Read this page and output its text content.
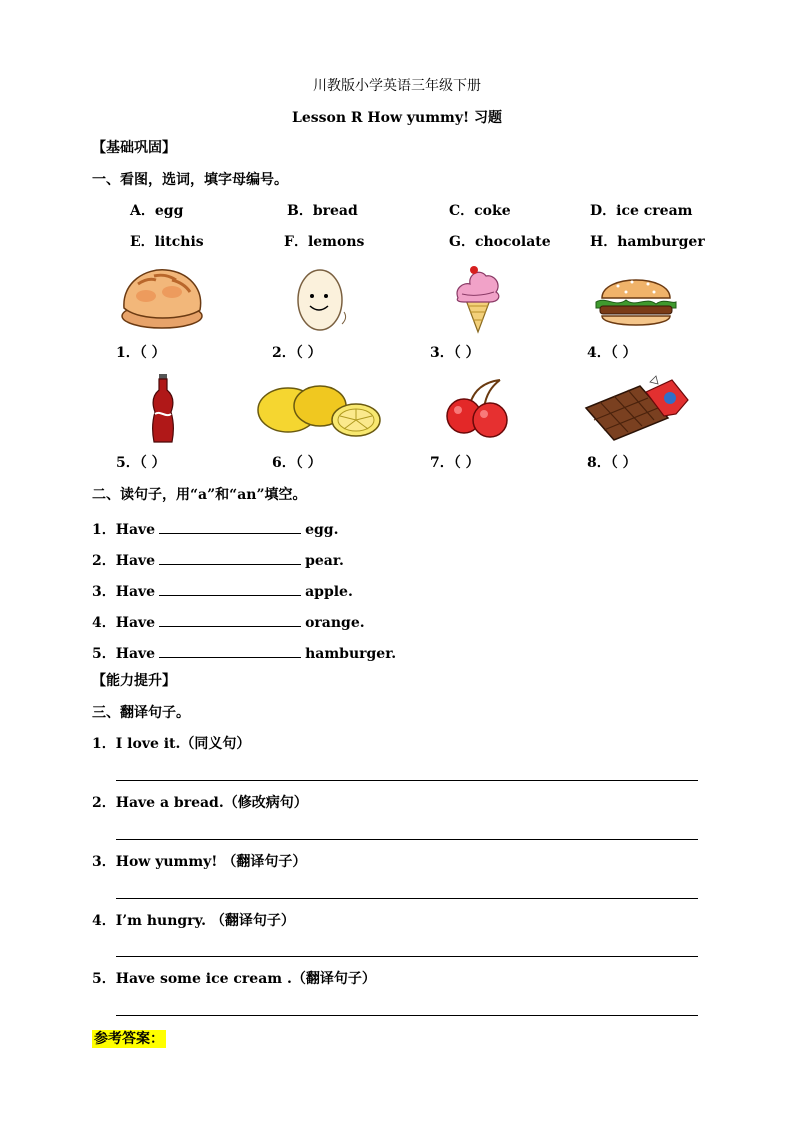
川教版小学英语三年级下册
Lesson R How yummy! 习题
【基础巩固】
一、看图，选词，填字母编号。
A．egg	B．bread	C．coke	D．ice cream
E．litchis	F．lemons	G．chocolate	H．hamburger
1．（ ）	2．（ ）	3．（ ）	4．（ ）
5．（ ）	6．（ ）	7．（ ）	8．（ ）
二、读句子，用“a”和“an”填空。
1．Have	egg.
2．Have	pear.
3．Have	apple.
4．Have	orange.
5．Have	hamburger.
【能力提升】
三、翻译句子。
1．I love it.（同义句）
2．Have a bread.（修改病句）
3．How yummy! （翻译句子）
4．I’m hungry. （翻译句子）
5．Have some ice cream .（翻译句子）
参考答案：
